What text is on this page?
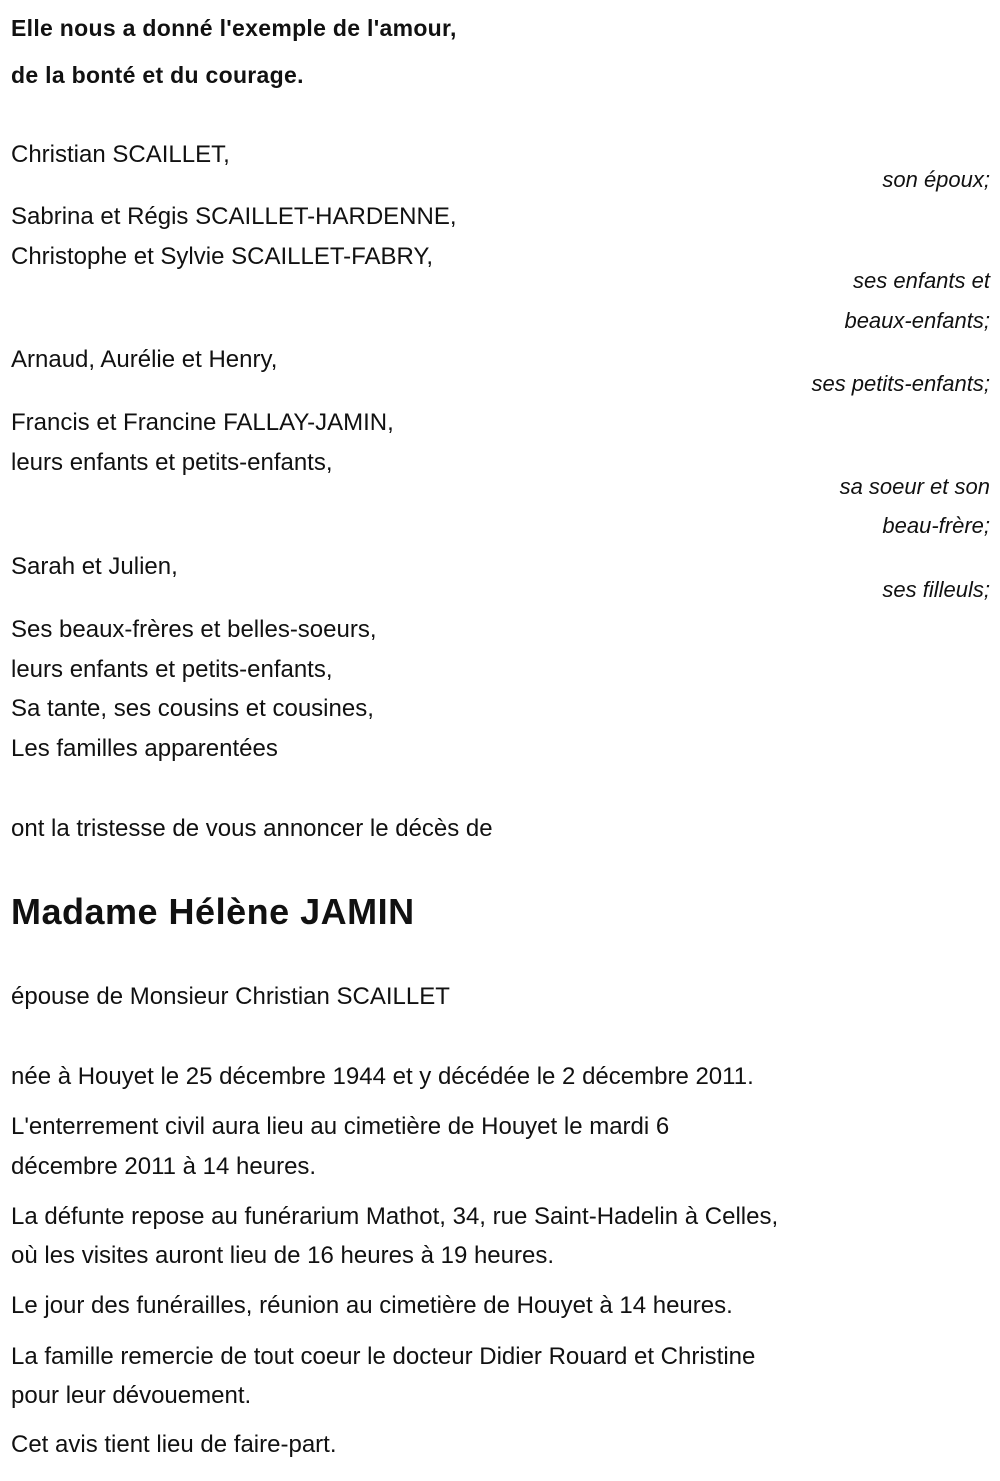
Elle nous a donné l'exemple de l'amour,
de la bonté et du courage.
Christian SCAILLET,
son époux;
Sabrina et Régis SCAILLET-HARDENNE,
Christophe et Sylvie SCAILLET-FABRY,
ses enfants et
beaux-enfants;
Arnaud, Aurélie et Henry,
ses petits-enfants;
Francis et Francine FALLAY-JAMIN,
leurs enfants et petits-enfants,
sa soeur et son
beau-frère;
Sarah et Julien,
ses filleuls;
Ses beaux-frères et belles-soeurs,
leurs enfants et petits-enfants,
Sa tante, ses cousins et cousines,
Les familles apparentées
ont la tristesse de vous annoncer le décès de
Madame Hélène JAMIN
épouse de Monsieur Christian SCAILLET
née à Houyet le 25 décembre 1944 et y décédée le 2 décembre 2011.
L'enterrement civil aura lieu au cimetière de Houyet le mardi 6
décembre 2011 à 14 heures.
La défunte repose au funérarium Mathot, 34, rue Saint-Hadelin à Celles,
où les visites auront lieu de 16 heures à 19 heures.
Le jour des funérailles, réunion au cimetière de Houyet à 14 heures.
La famille remercie de tout coeur le docteur Didier Rouard et Christine
pour leur dévouement.
Cet avis tient lieu de faire-part.
